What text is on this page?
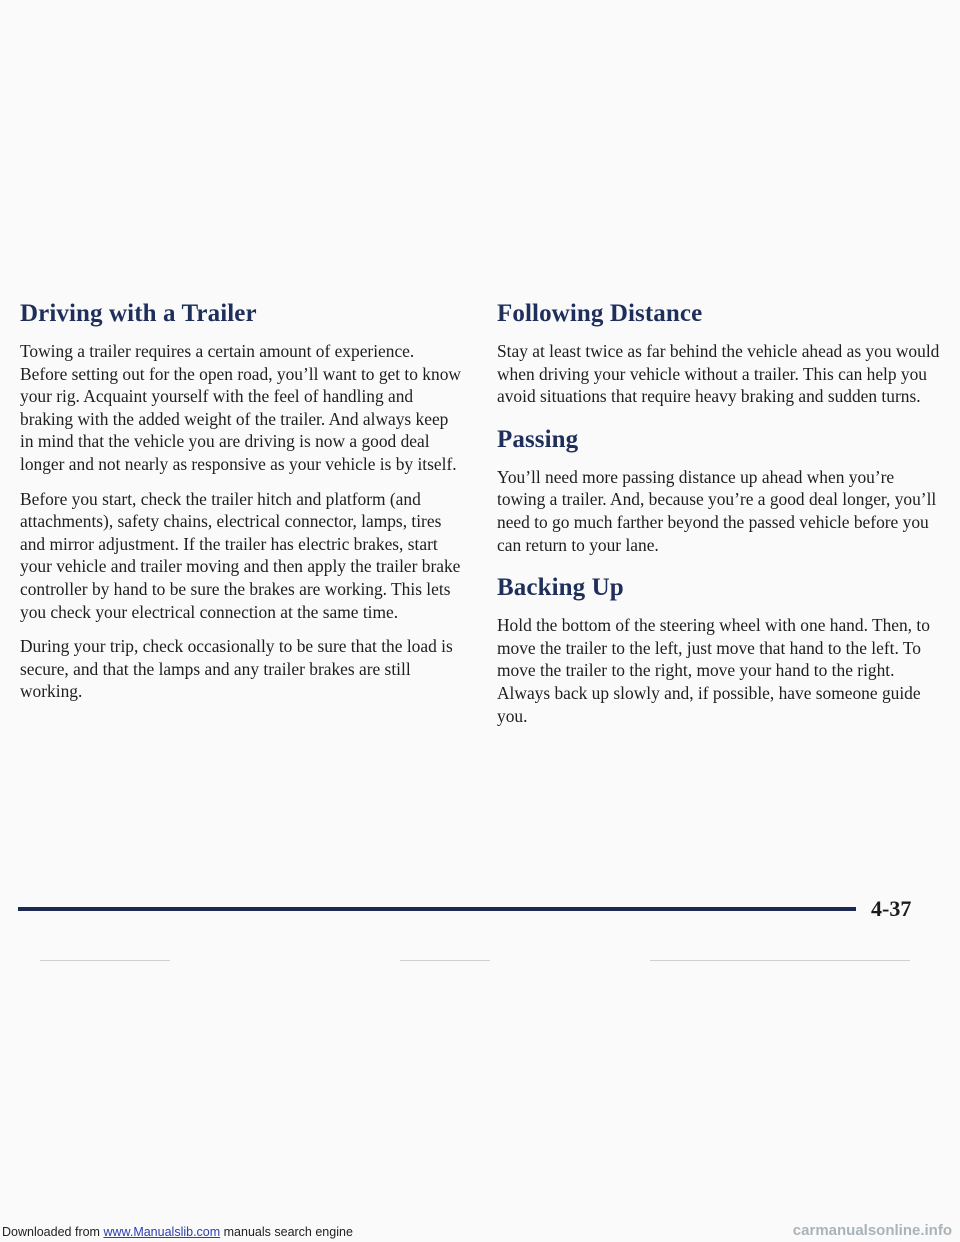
Driving with a Trailer

Towing a trailer requires a certain amount of experience. Before setting out for the open road, you’ll want to get to know your rig. Acquaint yourself with the feel of handling and braking with the added weight of the trailer. And always keep in mind that the vehicle you are driving is now a good deal longer and not nearly as responsive as your vehicle is by itself.

Before you start, check the trailer hitch and platform (and attachments), safety chains, electrical connector, lamps, tires and mirror adjustment. If the trailer has electric brakes, start your vehicle and trailer moving and then apply the trailer brake controller by hand to be sure the brakes are working. This lets you check your electrical connection at the same time.

During your trip, check occasionally to be sure that the load is secure, and that the lamps and any trailer brakes are still working.

Following Distance

Stay at least twice as far behind the vehicle ahead as you would when driving your vehicle without a trailer. This can help you avoid situations that require heavy braking and sudden turns.

Passing

You’ll need more passing distance up ahead when you’re towing a trailer. And, because you’re a good deal longer, you’ll need to go much farther beyond the passed vehicle before you can return to your lane.

Backing Up

Hold the bottom of the steering wheel with one hand. Then, to move the trailer to the left, just move that hand to the left. To move the trailer to the right, move your hand to the right. Always back up slowly and, if possible, have someone guide you.

4-37
Downloaded from www.Manualslib.com manuals search engine	carmanualsonline.info
